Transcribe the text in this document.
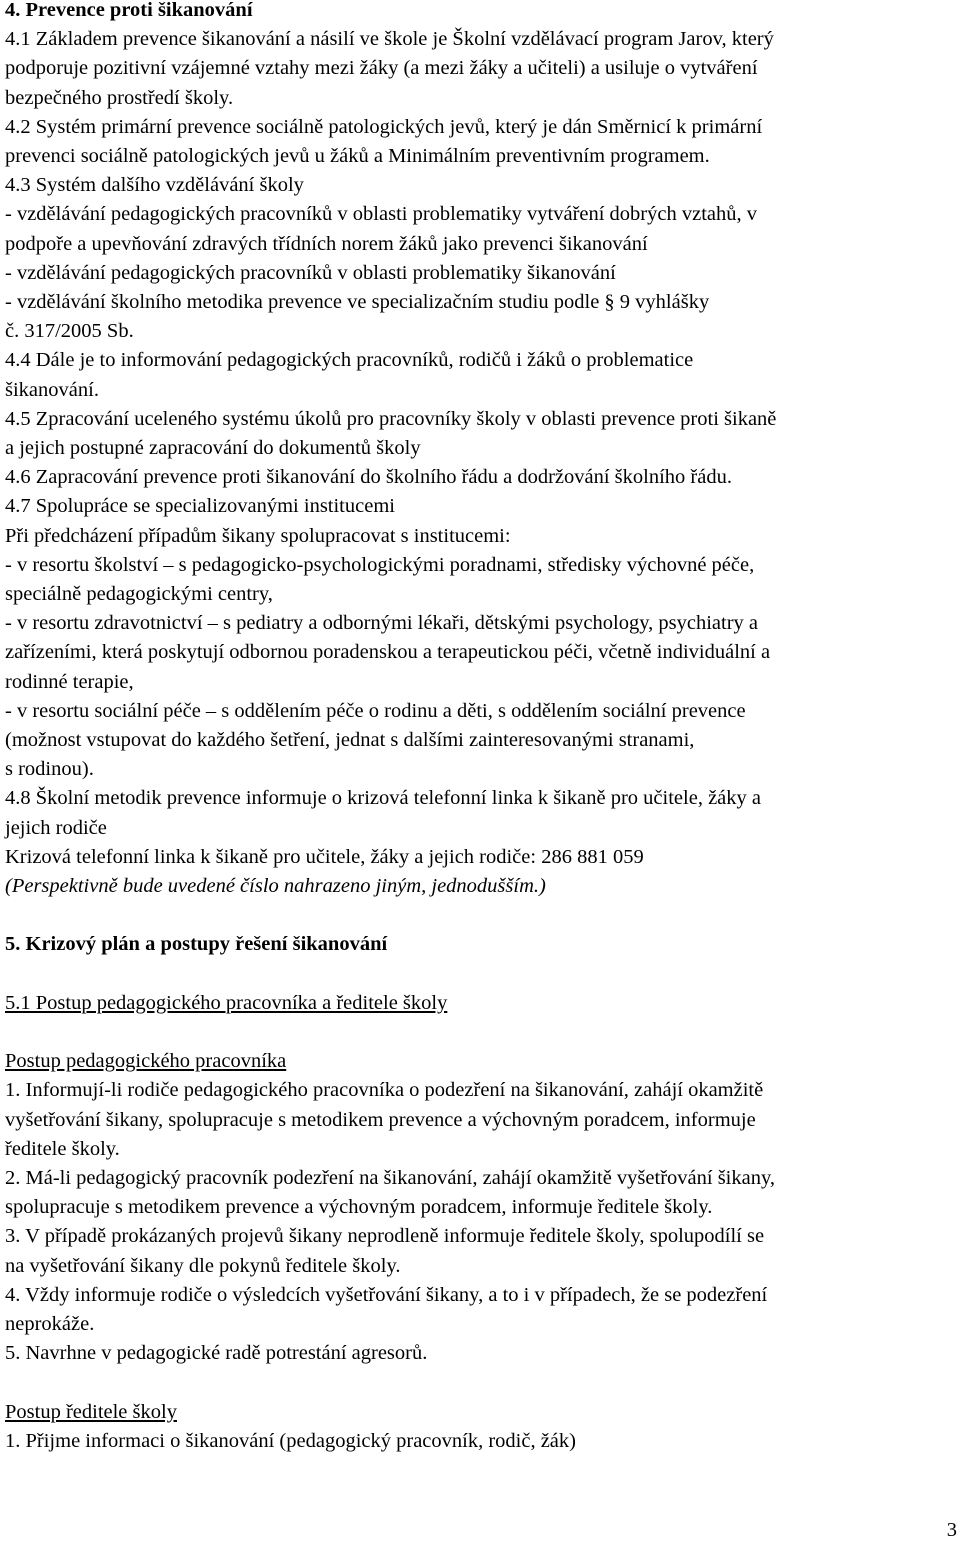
4. Prevence proti šikanování
4.1 Základem prevence šikanování a násilí ve škole je Školní vzdělávací program Jarov, který
podporuje pozitivní vzájemné vztahy mezi žáky (a mezi žáky a učiteli) a usiluje o vytváření
bezpečného prostředí školy.
4.2 Systém primární prevence sociálně patologických jevů, který je dán Směrnicí k primární
prevenci sociálně patologických jevů u žáků a Minimálním preventivním programem.
4.3 Systém dalšího vzdělávání školy
- vzdělávání pedagogických pracovníků v oblasti problematiky vytváření dobrých vztahů, v
podpoře a upevňování zdravých třídních norem žáků jako prevenci šikanování
- vzdělávání pedagogických pracovníků v oblasti problematiky šikanování
- vzdělávání školního metodika prevence ve specializačním studiu podle § 9 vyhlášky
č. 317/2005 Sb.
4.4 Dále je to informování pedagogických pracovníků, rodičů i žáků o problematice
šikanování.
4.5 Zpracování uceleného systému úkolů pro pracovníky školy v oblasti prevence proti šikaně
a jejich postupné zapracování do dokumentů školy
4.6 Zapracování prevence proti šikanování do školního řádu a dodržování školního řádu.
4.7 Spolupráce se specializovanými institucemi
Při předcházení případům šikany spolupracovat s institucemi:
- v resortu školství – s pedagogicko-psychologickými poradnami, středisky výchovné péče,
speciálně pedagogickými centry,
- v resortu zdravotnictví – s pediatry a odbornými lékaři, dětskými psychology, psychiatry a
zařízeními, která poskytují odbornou poradenskou a terapeutickou péči, včetně individuální a
rodinné terapie,
- v resortu sociální péče – s oddělením péče o rodinu a děti, s oddělením sociální prevence
(možnost vstupovat do každého šetření, jednat s dalšími zainteresovanými stranami,
s rodinou).
4.8 Školní metodik prevence informuje o krizová telefonní linka k šikaně pro učitele, žáky a
jejich rodiče
Krizová telefonní linka k šikaně pro učitele, žáky a jejich rodiče: 286 881 059
(Perspektivně bude uvedené číslo nahrazeno jiným, jednodušším.)
5. Krizový plán a postupy řešení šikanování
5.1 Postup pedagogického pracovníka a ředitele školy
Postup pedagogického pracovníka
1. Informují-li rodiče pedagogického pracovníka o podezření na šikanování, zahájí okamžitě
vyšetřování šikany, spolupracuje s metodikem prevence a výchovným poradcem, informuje
ředitele školy.
2. Má-li pedagogický pracovník podezření na šikanování, zahájí okamžitě vyšetřování šikany,
spolupracuje s metodikem prevence a výchovným poradcem, informuje ředitele školy.
3. V případě prokázaných projevů šikany neprodleně informuje ředitele školy, spolupodílí se
na vyšetřování šikany dle pokynů ředitele školy.
4. Vždy informuje rodiče o výsledcích vyšetřování šikany, a to i v případech, že se podezření
neprokáže.
5. Navrhne v pedagogické radě potrestání agresorů.
Postup ředitele školy
1. Přijme informaci o šikanování (pedagogický pracovník, rodič, žák)
3
